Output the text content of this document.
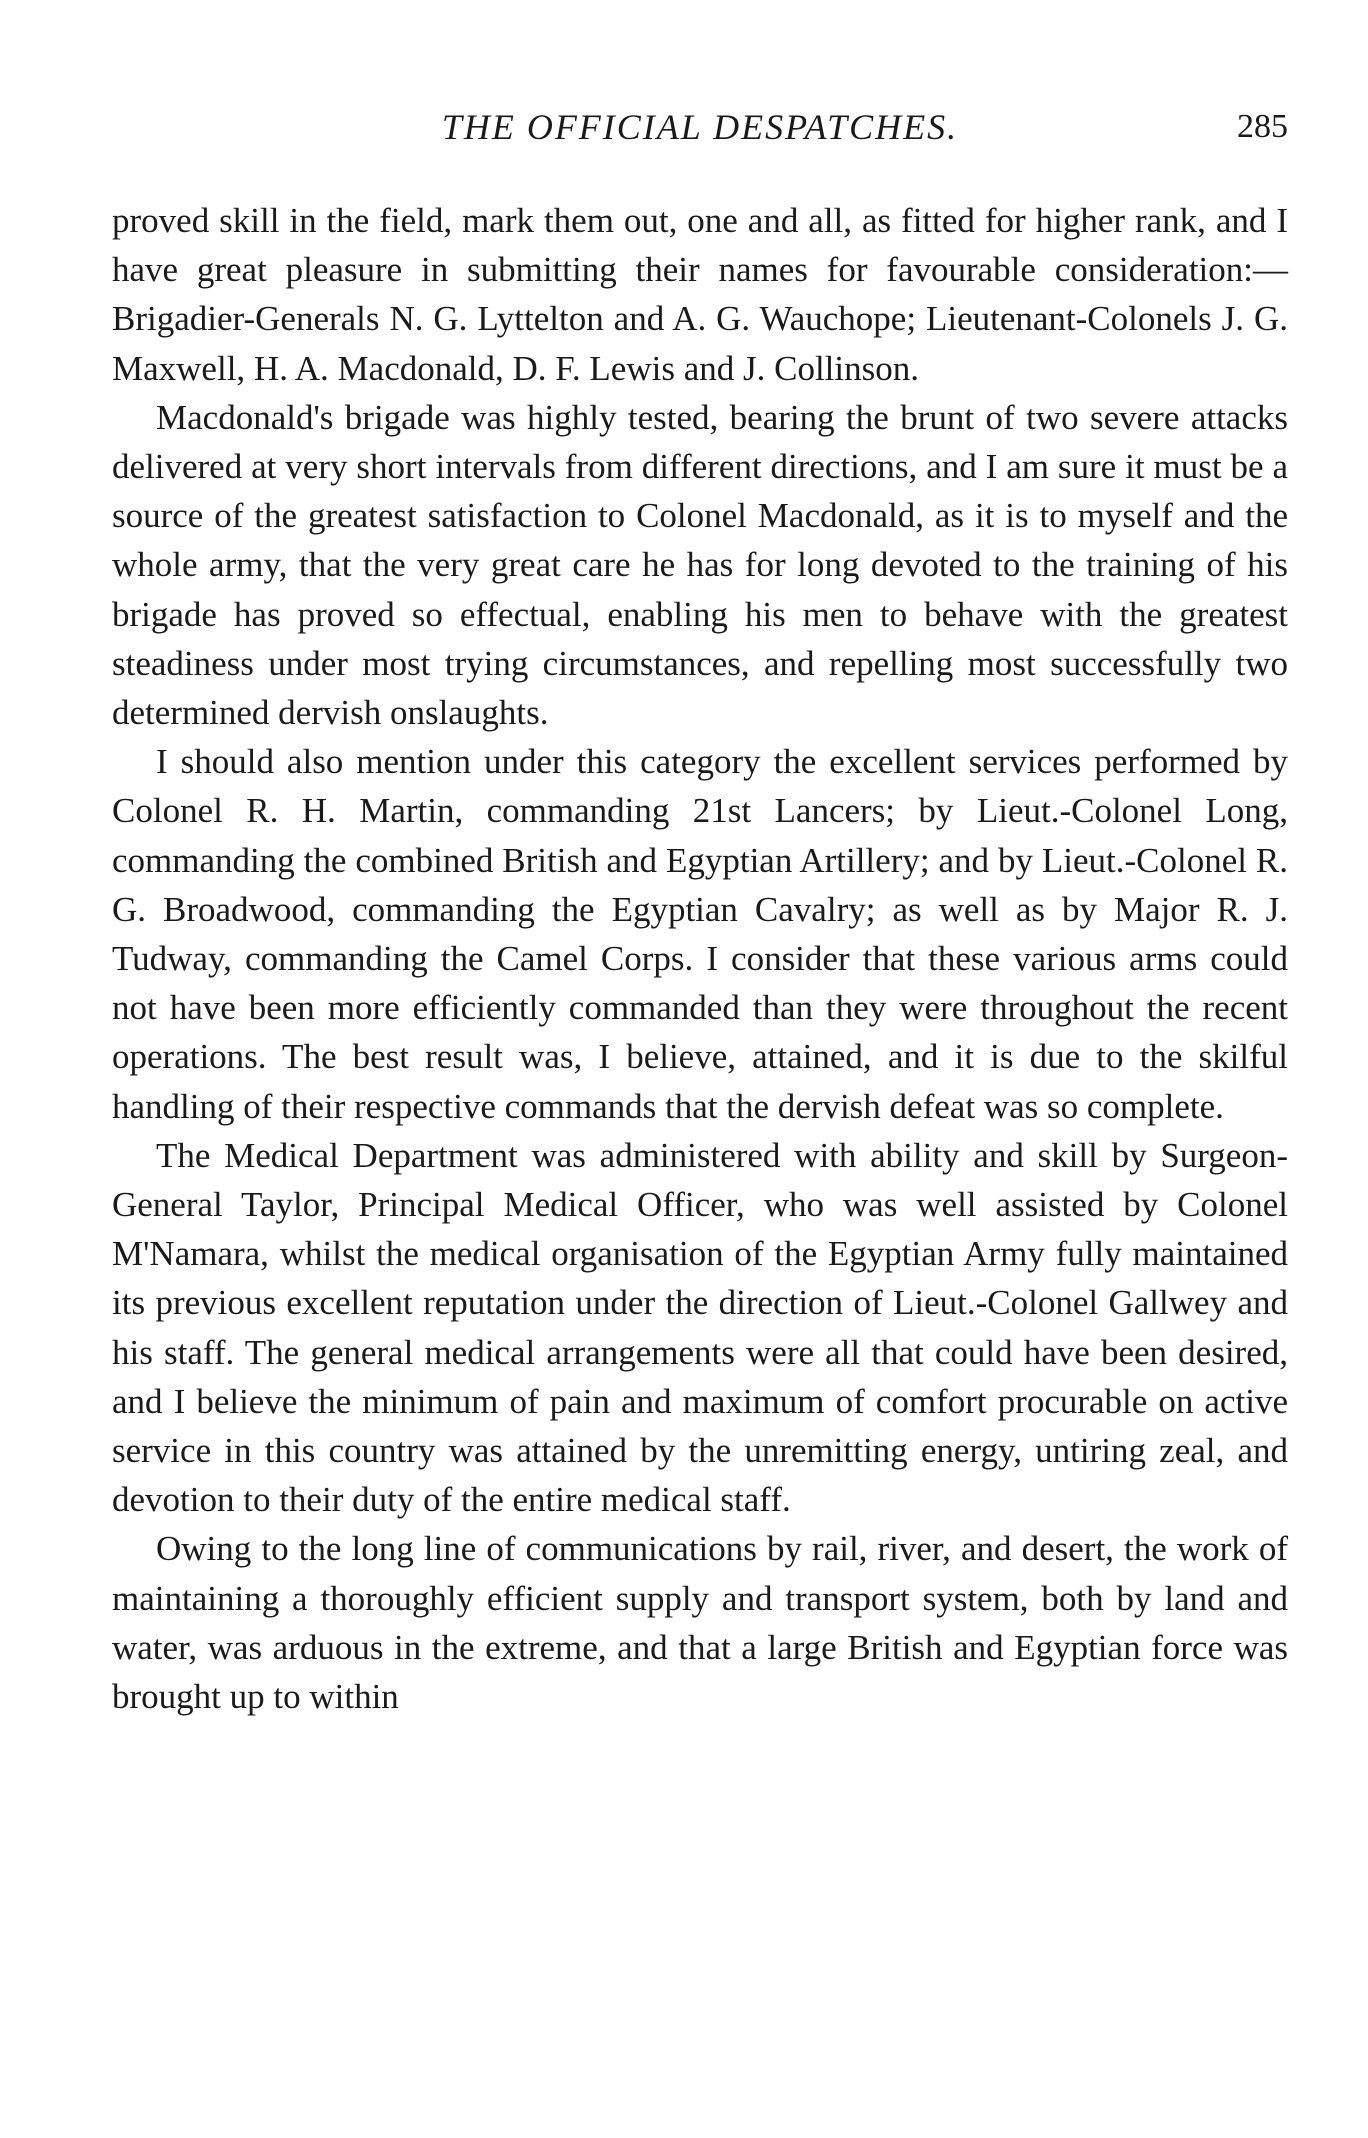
THE OFFICIAL DESPATCHES.	285

proved skill in the field, mark them out, one and all, as fitted for higher rank, and I have great pleasure in submitting their names for favourable consideration:—Brigadier-Generals N. G. Lyttelton and A. G. Wauchope; Lieutenant-Colonels J. G. Maxwell, H. A. Macdonald, D. F. Lewis and J. Collinson.

Macdonald's brigade was highly tested, bearing the brunt of two severe attacks delivered at very short intervals from different directions, and I am sure it must be a source of the greatest satisfaction to Colonel Macdonald, as it is to myself and the whole army, that the very great care he has for long devoted to the training of his brigade has proved so effectual, enabling his men to behave with the greatest steadiness under most trying circumstances, and repelling most successfully two determined dervish onslaughts.

I should also mention under this category the excellent services performed by Colonel R. H. Martin, commanding 21st Lancers; by Lieut.-Colonel Long, commanding the combined British and Egyptian Artillery; and by Lieut.-Colonel R. G. Broadwood, commanding the Egyptian Cavalry; as well as by Major R. J. Tudway, commanding the Camel Corps. I consider that these various arms could not have been more efficiently commanded than they were throughout the recent operations. The best result was, I believe, attained, and it is due to the skilful handling of their respective commands that the dervish defeat was so complete.

The Medical Department was administered with ability and skill by Surgeon-General Taylor, Principal Medical Officer, who was well assisted by Colonel M'Namara, whilst the medical organisation of the Egyptian Army fully maintained its previous excellent reputation under the direction of Lieut.-Colonel Gallwey and his staff. The general medical arrangements were all that could have been desired, and I believe the minimum of pain and maximum of comfort procurable on active service in this country was attained by the unremitting energy, untiring zeal, and devotion to their duty of the entire medical staff.

Owing to the long line of communications by rail, river, and desert, the work of maintaining a thoroughly efficient supply and transport system, both by land and water, was arduous in the extreme, and that a large British and Egyptian force was brought up to within
